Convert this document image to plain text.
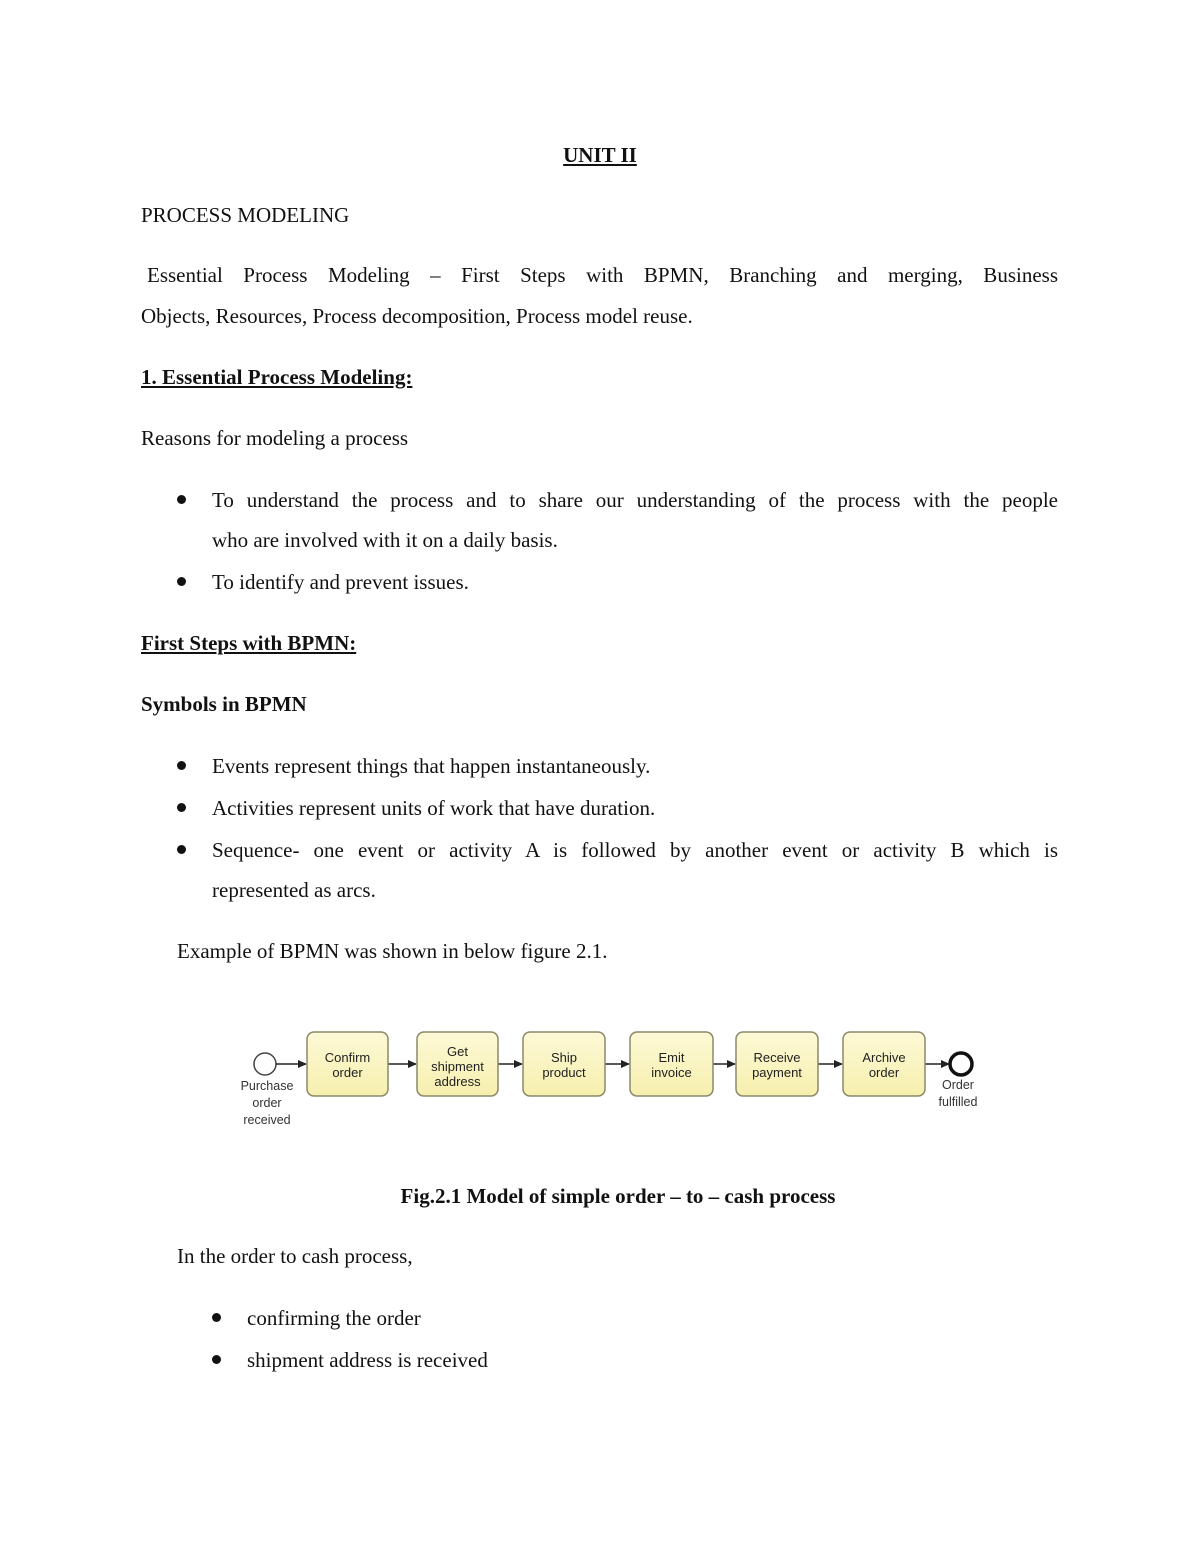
UNIT II
PROCESS MODELING
Essential Process Modeling – First Steps with BPMN, Branching and merging, Business
Objects, Resources, Process decomposition, Process model reuse.
1. Essential Process Modeling:
Reasons for modeling a process
To understand the process and to share our understanding of the process with the people
who are involved with it on a daily basis.
To identify and prevent issues.
First Steps with BPMN:
Symbols in BPMN
Events represent things that happen instantaneously.
Activities represent units of work that have duration.
Sequence- one event or activity A is followed by another event or activity B which is
represented as arcs.
Example of BPMN was shown in below figure 2.1.
Purchase
order
received
Confirm
order
Get
shipment
address
Ship
product
Emit
invoice
Receive
payment
Archive
order
Order
fulfilled
Fig.2.1 Model of simple order – to – cash process
In the order to cash process,
confirming the order
shipment address is received
